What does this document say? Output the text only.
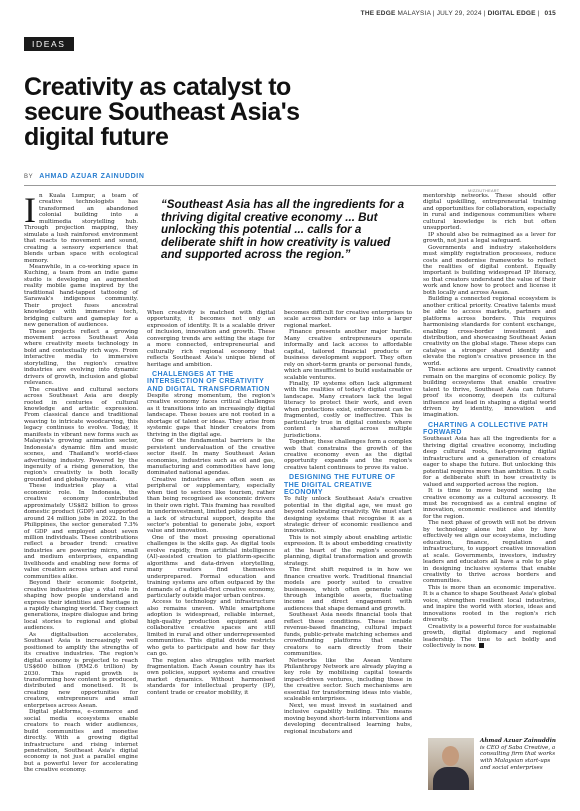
THE EDGE MALAYSIA | JULY 29, 2024 | DIGITAL EDGE | 015
IDEAS
Creativity as catalyst to secure Southeast Asia's digital future
BY AHMAD AZUAR ZAINUDDIN
MIZZIUTHEART
“Southeast Asia has all the ingredients for a thriving digital creative economy ... But unlocking this potential ... calls for a deliberate shift in how creativity is valued and supported across the region.”
I n Kuala Lumpur, a team of creative technologists has transformed an abandoned colonial building into a multimedia storytelling hub. Through projection mapping, they simulate a lush rainforest environment that reacts to movement and sound, creating a sensory experience that blends urban space with ecological memory.

Meanwhile, in a co-working space in Kuching, a team from an indie game studio is developing an augmented reality mobile game inspired by the traditional hand-tapped tattooing of Sarawak's indigenous community. Their project fuses ancestral knowledge with immersive tech, bridging culture and gameplay for a new generation of audiences.

These projects reflect a growing movement across Southeast Asia where creativity meets technology in bold and contextually rich ways. From interactive media to immersive storytelling, the region's creative industries are evolving into dynamic drivers of growth, inclusion and global relevance.

The creative and cultural sectors across Southeast Asia are deeply rooted in centuries of cultural knowledge and artistic expression. From classical dance and traditional weaving to intricate woodcarving, this legacy continues to evolve. Today, it manifests in vibrant new forms such as Malaysia's growing animation sector, Indonesia's dynamic film and music scenes, and Thailand's world-class advertising industry. Powered by the ingenuity of a rising generation, the region's creativity is both locally grounded and globally resonant.

These industries play a vital economic role. In Indonesia, the creative economy contributed approximately US$82 billion to gross domestic product (GDP) and supported around 24 million jobs in 2022. In the Philippines, the sector generated 7.3% of GDP and employed about seven million individuals. These contributions reflect a broader trend: creative industries are powering micro, small and medium enterprises, expanding livelihoods and enabling new forms of value creation across urban and rural communities alike.

Beyond their economic footprint, creative industries play a vital role in shaping how people understand and express their identities and heritage in a rapidly changing world. They connect generations, inspire dialogue and bring local stories to regional and global audiences.

As digitalisation accelerates, Southeast Asia is increasingly well positioned to amplify the strengths of its creative industries. The region's digital economy is projected to reach US$600 billion (RM2.6 trillion) by 2030. This rapid growth is transforming how content is produced, distributed and monetised. It is creating new opportunities for creators, entrepreneurs and small enterprises across Asean.

Digital platforms, e-commerce and social media ecosystems enable creators to reach wider audiences, build communities and monetise directly. With a growing digital infrastructure and rising internet penetration, Southeast Asia's digital economy is not just a parallel engine but a powerful lever for accelerating the creative economy.

When creativity is matched with digital opportunity, it becomes not only an expression of identity. It is a scalable driver of inclusion, innovation and growth. These converging trends are setting the stage for a more connected, entrepreneurial and culturally rich regional economy that reflects Southeast Asia's unique blend of heritage and ambition.

CHALLENGES AT THE INTERSECTION OF CREATIVITY AND DIGITAL TRANSFORMATION

Despite strong momentum, the region's creative economy faces critical challenges as it transitions into an increasingly digital landscape. These issues are not rooted in a shortage of talent or ideas. They arise from systemic gaps that hinder creators from thriving in the digital age.

One of the fundamental barriers is the persistent undervaluation of the creative sector itself. In many Southeast Asian economies, industries such as oil and gas, manufacturing and commodities have long dominated national agendas.

Creative industries are often seen as peripheral or supplementary, especially when tied to sectors like tourism, rather than being recognised as economic drivers in their own right. This framing has resulted in underinvestment, limited policy focus and a lack of structural support, despite the sector's potential to generate jobs, export value and innovation.

One of the most pressing operational challenges is the skills gap. As digital tools evolve rapidly, from artificial intelligence (AI)-assisted creation to platform-specific algorithms and data-driven storytelling, many creators find themselves underprepared. Formal education and training systems are often outpaced by the demands of a digital-first creative economy, particularly outside major urban centres.

Access to technology and infrastructure also remains uneven. While smartphone adoption is widespread, reliable internet, high-quality production equipment and collaborative creative spaces are still limited in rural and other underrepresented communities. This digital divide restricts who gets to participate and how far they can go.

The region also struggles with market fragmentation. Each Asean country has its own policies, support systems and creative market dynamics. Without harmonised standards for intellectual property (IP), content trade or creator mobility, it

becomes difficult for creative enterprises to scale across borders or tap into a larger regional market.

Finance presents another major hurdle. Many creative entrepreneurs operate informally and lack access to affordable capital, tailored financial products or business development support. They often rely on short-term grants or personal funds, which are insufficient to build sustainable or scalable ventures.

Finally, IP systems often lack alignment with the realities of today's digital creative landscape. Many creators lack the legal literacy to protect their work, and even when protections exist, enforcement can be fragmented, costly or ineffective. This is particularly true in digital contexts where content is shared across multiple jurisdictions.

Together, these challenges form a complex web that constrains the growth of the creative economy even as the digital opportunity expands and the region's creative talent continues to prove its value.

DESIGNING THE FUTURE OF THE DIGITAL CREATIVE ECONOMY

To fully unlock Southeast Asia's creative potential in the digital age, we must go beyond celebrating creativity. We must start designing systems that recognise it as a strategic driver of economic resilience and innovation.

This is not simply about enabling artistic expression. It is about embedding creativity at the heart of the region's economic planning, digital transformation and growth strategy.

The first shift required is in how we finance creative work. Traditional financial models are poorly suited to creative businesses, which often generate value through intangible assets, fluctuating income and direct engagement with audiences that shape demand and growth.

Southeast Asia needs financial tools that reflect these conditions. These include revenue-based financing, cultural impact funds, public-private matching schemes and crowdfunding platforms that enable creators to earn directly from their communities.

Networks like the Asean Venture Philanthropy Network are already playing a key role by mobilising capital towards impact-driven ventures, including those in the creative sector. Such mechanisms are essential for transforming ideas into viable, scaleable enterprises.

Next, we must invest in sustained and inclusive capability building. This means moving beyond short-term interventions and developing decentralised learning hubs, regional incubators and

mentorship networks. These should offer digital upskilling, entrepreneurial training and opportunities for collaboration, especially in rural and indigenous communities where cultural knowledge is rich but often unsupported.

IP should also be reimagined as a lever for growth, not just a legal safeguard.

Governments and industry stakeholders must simplify registration processes, reduce costs and modernise frameworks to reflect the realities of digital content. Equally important is building widespread IP literacy, so that creators understand the value of their work and know how to protect and license it both locally and across Asean.

Building a connected regional ecosystem is another critical priority. Creative talents must be able to access markets, partners and platforms across borders. This requires harmonising standards for content exchange, enabling cross-border investment and distribution, and showcasing Southeast Asian creativity on the global stage. These steps can catalyse a stronger shared identity and elevate the region's creative presence in the world.

These actions are urgent. Creativity cannot remain on the margins of economic policy. By building ecosystems that enable creative talent to thrive, Southeast Asia can future-proof its economy, deepen its cultural influence and lead in shaping a digital world driven by identity, innovation and imagination.

CHARTING A COLLECTIVE PATH FORWARD

Southeast Asia has all the ingredients for a thriving digital creative economy, including deep cultural roots, fast-growing digital infrastructure and a generation of creators eager to shape the future. But unlocking this potential requires more than ambition. It calls for a deliberate shift in how creativity is valued and supported across the region.

It is time to move beyond seeing the creative economy as a cultural accessory. It must be recognised as a central engine of innovation, economic resilience and identity for the region.

The next phase of growth will not be driven by technology alone but also by how effectively we align our ecosystems, including education, finance, regulation and infrastructure, to support creative innovation at scale. Governments, investors, industry leaders and educators all have a role to play in designing inclusive systems that enable creativity to thrive across borders and communities.

This is more than an economic imperative. It is a chance to shape Southeast Asia's global voice, strengthen resilient local industries, and inspire the world with stories, ideas and innovations rooted in the region's rich diversity.

Creativity is a powerful force for sustainable growth, digital diplomacy and regional leadership. The time to act boldly and collectively is now.

Ahmad Azuar Zainuddin is CEO of Saba Creative, a consulting firm that works with Malaysian start-ups and social enterprises
